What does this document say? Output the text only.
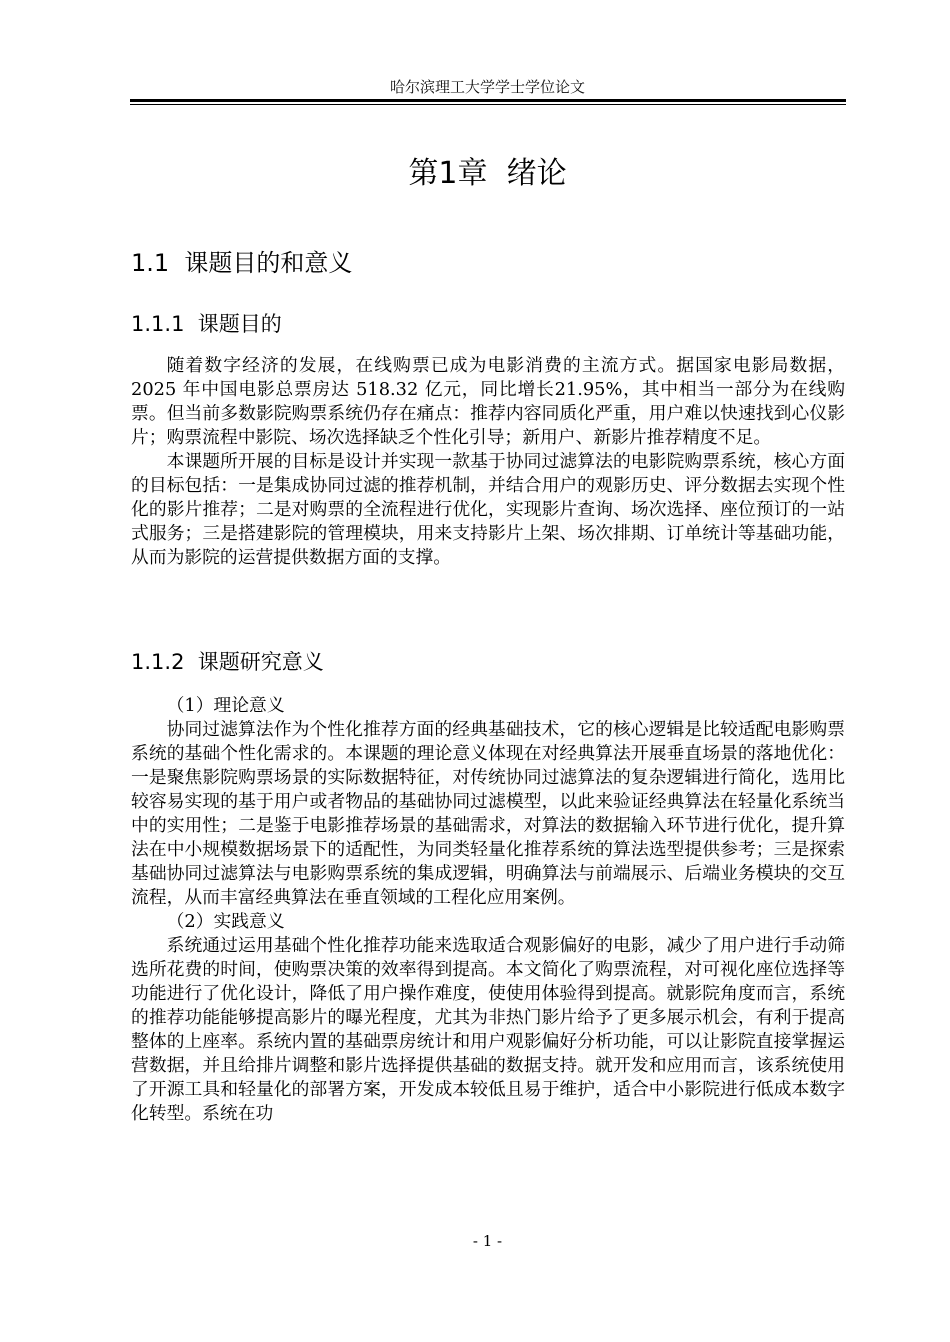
哈尔滨理工大学学士学位论文
第1章  绪论
1.1  课题目的和意义
1.1.1  课题目的

随着数字经济的发展，在线购票已成为电影消费的主流方式。据国家电影局数据，2025 年中国电影总票房达 518.32 亿元，同比增长21.95%，其中相当一部分为在线购票。但当前多数影院购票系统仍存在痛点：推荐内容同质化严重，用户难以快速找到心仪影片；购票流程中影院、场次选择缺乏个性化引导；新用户、新影片推荐精度不足。

本课题所开展的目标是设计并实现一款基于协同过滤算法的电影院购票系统，核心方面的目标包括：一是集成协同过滤的推荐机制，并结合用户的观影历史、评分数据去实现个性化的影片推荐；二是对购票的全流程进行优化，实现影片查询、场次选择、座位预订的一站式服务；三是搭建影院的管理模块，用来支持影片上架、场次排期、订单统计等基础功能，从而为影院的运营提供数据方面的支撑。

1.1.2  课题研究意义

（1）理论意义

协同过滤算法作为个性化推荐方面的经典基础技术，它的核心逻辑是比较适配电影购票系统的基础个性化需求的。本课题的理论意义体现在对经典算法开展垂直场景的落地优化：一是聚焦影院购票场景的实际数据特征，对传统协同过滤算法的复杂逻辑进行简化，选用比较容易实现的基于用户或者物品的基础协同过滤模型，以此来验证经典算法在轻量化系统当中的实用性；二是鉴于电影推荐场景的基础需求，对算法的数据输入环节进行优化，提升算法在中小规模数据场景下的适配性，为同类轻量化推荐系统的算法选型提供参考；三是探索基础协同过滤算法与电影购票系统的集成逻辑，明确算法与前端展示、后端业务模块的交互流程，从而丰富经典算法在垂直领域的工程化应用案例。

（2）实践意义

系统通过运用基础个性化推荐功能来选取适合观影偏好的电影，减少了用户进行手动筛选所花费的时间，使购票决策的效率得到提高。本文简化了购票流程，对可视化座位选择等功能进行了优化设计，降低了用户操作难度，使使用体验得到提高。就影院角度而言，系统的推荐功能能够提高影片的曝光程度，尤其为非热门影片给予了更多展示机会，有利于提高整体的上座率。系统内置的基础票房统计和用户观影偏好分析功能，可以让影院直接掌握运营数据，并且给排片调整和影片选择提供基础的数据支持。就开发和应用而言，该系统使用了开源工具和轻量化的部署方案，开发成本较低且易于维护，适合中小影院进行低成本数字化转型。系统在功

- 1 -
